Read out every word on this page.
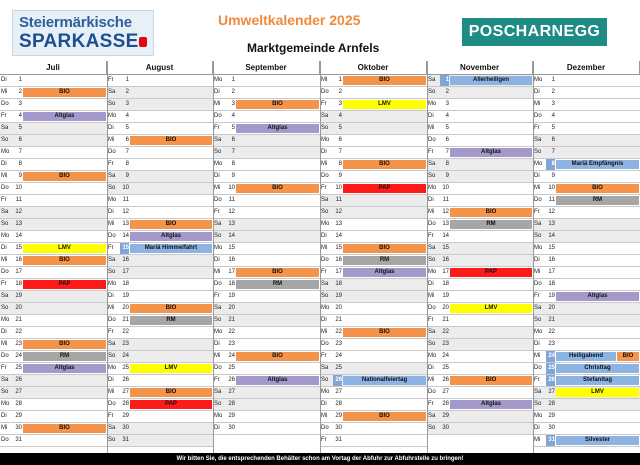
Steiermärkische
SPARKASSE
Umweltkalender 2025
Marktgemeinde Arnfels
POSCHARNEGG
Juli
Di	1
Mi	2	BIO
Do	3
Fr	4	Altglas
Sa	5
So	6
Mo	7
Di	8
Mi	9	BIO
Do	10
Fr	11
Sa	12
So	13
Mo 14
Di	15	LMV
Mi	16	BIO
Do	17
Fr	18	PAP
Sa	19
So	20
Mo 21
Di	22
Mi	23	BIO
Do	24	RM
Fr	25	Altglas
Sa	26
So	27
Mo 28
Di	29
Mi	30	BIO
Do	31
August
Fr	1
Sa	2
So	3
Mo	4
Di	5
Mi	6	BIO
Do	7
Fr	8
Sa	9
So	10
Mo	11
Di	12
Mi	13	BIO
Do	14	Altglas
Fr	15	Mariä Himmelfahrt
Sa	16
So	17
Mo 18
Di	19
Mi	20	BIO
Do	21	RM
Fr	22
Sa	23
So	24
Mo 25	LMV
Di	26
Mi	27	BIO
Do	28	PAP
Fr	29
Sa	30
So	31
September
Mo	1
Di	2
Mi	3	BIO
Do	4
Fr	5	Altglas
Sa	6
So	7
Mo	8
Di	9
Mi	10	BIO
Do	11
Fr	12
Sa	13
So	14
Mo 15
Di	16
Mi	17	BIO
Do	18	RM
Fr	19
Sa	20
So	21
Mo 22
Di	23
Mi	24	BIO
Do	25
Fr	26	Altglas
Sa	27
So	28
Mo 29
Di	30
Oktober
Mi	1	BIO
Do	2
Fr	3	LMV
Sa	4
So	5
Mo	6
Di	7
Mi	8	BIO
Do	9
Fr	10	PAP
Sa	11
So	12
Mo 13
Di	14
Mi	15	BIO
Do	16	RM
Fr	17	Altglas
Sa	18
So	19
Mo 20
Di	21
Mi	22	BIO
Do	23
Fr	24
Sa	25
So	26	Nationalfeiertag
Mo 27
Di	28
Mi	29	BIO
Do	30
Fr	31
November
Sa	1	Allerheiligen
So	2
Mo	3
Di	4
Mi	5
Do	6
Fr	7	Altglas
Sa	8
So	9
Mo 10
Di	11
Mi	12	BIO
Do	13	RM
Fr	14
Sa	15
So	16
Mo 17	PAP
Di	18
Mi	19
Do	20	LMV
Fr	21
Sa	22
So	23
Mo 24
Di	25
Mi	26	BIO
Do	27
Fr	28	Altglas
Sa	29
So	30
Dezember
Mo	1
Di	2
Mi	3
Do	4
Fr	5
Sa	6
So	7
Mo	8	Mariä Empfängnis
Di	9
Mi	10	BIO
Do	11	RM
Fr	12
Sa	13
So	14
Mo 15
Di	16
Mi	17
Do	18
Fr	19	Altglas
Sa	20
So	21
Mo 22
Di	23
Mi	24	Heiligabend	BIO
Do	25	Christtag
Fr	26	Stefanitag
Sa	27	LMV
So	28
Mo 29
Di	30
Mi	31	Silvester
Wir bitten Sie, die entsprechenden Behälter schon am Vortag der Abfuhr zur Abfuhrstelle zu bringen!
